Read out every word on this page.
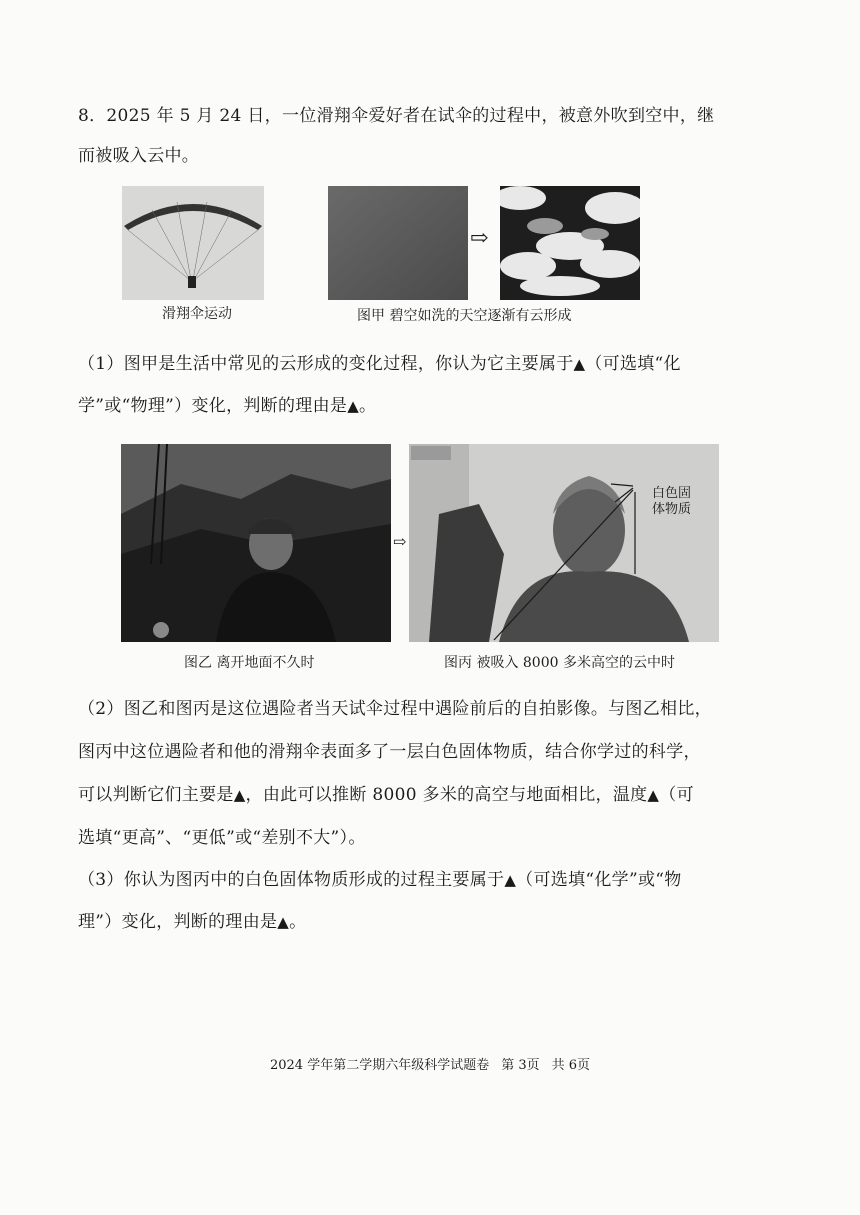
8．2025 年 5 月 24 日，一位滑翔伞爱好者在试伞的过程中，被意外吹到空中，继
而被吸入云中。
滑翔伞运动
⇨
图甲 碧空如洗的天空逐渐有云形成
（1）图甲是生活中常见的云形成的变化过程，你认为它主要属于▲（可选填“化
学”或“物理”）变化，判断的理由是▲。
⇨
白色固
体物质
图乙 离开地面不久时	图丙 被吸入 8000 多米高空的云中时
（2）图乙和图丙是这位遇险者当天试伞过程中遇险前后的自拍影像。与图乙相比，
图丙中这位遇险者和他的滑翔伞表面多了一层白色固体物质，结合你学过的科学，
可以判断它们主要是▲，由此可以推断 8000 多米的高空与地面相比，温度▲（可
选填“更高”、“更低”或“差别不大”）。
（3）你认为图丙中的白色固体物质形成的过程主要属于▲（可选填“化学”或“物
理”）变化，判断的理由是▲。
2024 学年第二学期六年级科学试题卷 第 3页 共 6页
